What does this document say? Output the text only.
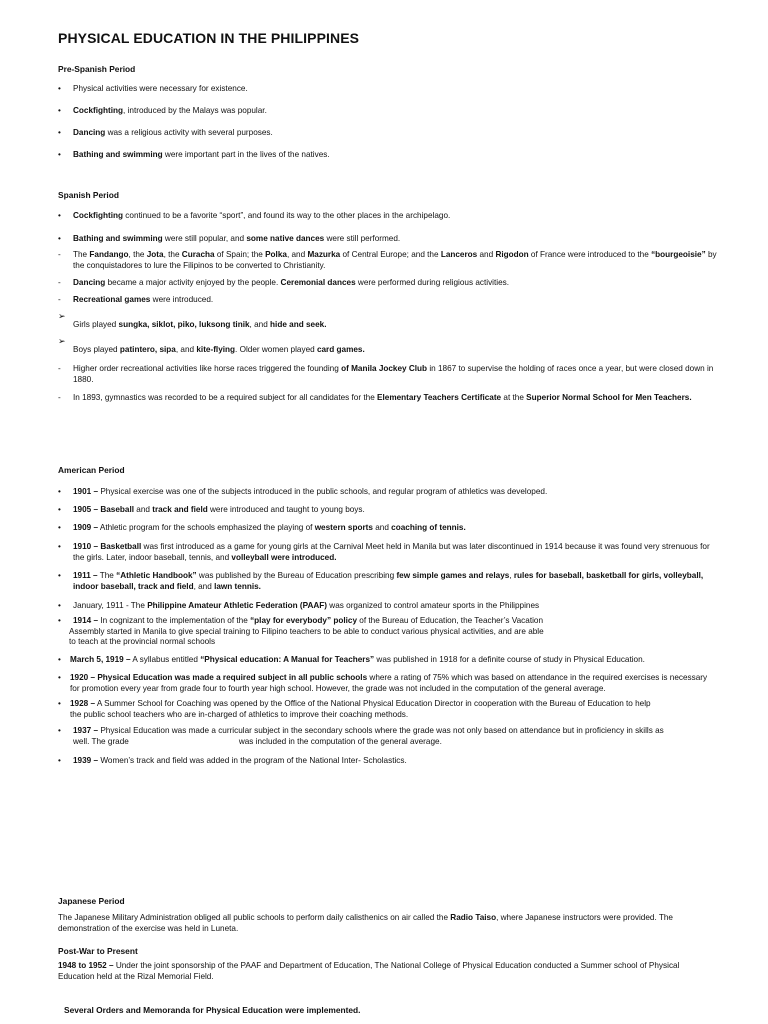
PHYSICAL EDUCATION IN THE PHILIPPINES
Pre-Spanish Period
•	Physical activities were necessary for existence.
•	Cockfighting, introduced by the Malays was popular.
•	Dancing was a religious activity with several purposes.
•	Bathing and swimming were important part in the lives of the natives.
Spanish Period
•	Cockfighting continued to be a favorite “sport”, and found its way to the other places in the archipelago.
•	Bathing and swimming were still popular, and some native dances were still performed.
-	The Fandango, the Jota, the Curacha of Spain; the Polka, and Mazurka of Central Europe; and the Lanceros and Rigodon of France were introduced to the “bourgeoisie” by the conquistadores to lure the Filipinos to be converted to Christianity.
-	Dancing became a major activity enjoyed by the people. Ceremonial dances were performed during religious activities.
-	Recreational games were introduced.
➢
Girls played sungka, siklot, piko, luksong tinik, and hide and seek.
➢
Boys played patintero, sipa, and kite-flying. Older women played card games.
-	Higher order recreational activities like horse races triggered the founding of Manila Jockey Club in 1867 to supervise the holding of races once a year, but were closed down in 1880.
-	In 1893, gymnastics was recorded to be a required subject for all candidates for the Elementary Teachers Certificate at the Superior Normal School for Men Teachers.
American Period
•	1901 – Physical exercise was one of the subjects introduced in the public schools, and regular program of athletics was developed.
•	1905 – Baseball and track and field were introduced and taught to young boys.
•	1909 – Athletic program for the schools emphasized the playing of western sports and coaching of tennis.
•	1910 – Basketball was first introduced as a game for young girls at the Carnival Meet held in Manila but was later discontinued in 1914 because it was found very strenuous for the girls. Later, indoor baseball, tennis, and volleyball were introduced.
•	1911 – The “Athletic Handbook” was published by the Bureau of Education prescribing few simple games and relays, rules for baseball, basketball for girls, volleyball, indoor baseball, track and field, and lawn tennis.
•	January, 1911 - The Philippine Amateur Athletic Federation (PAAF) was organized to control amateur sports in the Philippines
•	1914 – In cognizant to the implementation of the “play for everybody” policy of the Bureau of Education, the Teacher’s Vacation
Assembly started in Manila to give special training to Filipino teachers to be able to conduct various physical activities, and are able
to teach at the provincial normal schools
•	March 5, 1919 – A syllabus entitled “Physical education: A Manual for Teachers” was published in 1918 for a definite course of study in Physical Education.
•	1920 – Physical Education was made a required subject in all public schools where a rating of 75% which was based on attendance in the required exercises is necessary for promotion every year from grade four to fourth year high school. However, the grade was not included in the computation of the general average.
•	1928 – A Summer School for Coaching was opened by the Office of the National Physical Education Director in cooperation with the Bureau of Education to help
the public school teachers who are in-charged of athletics to improve their coaching methods.
•	1937 – Physical Education was made a curricular subject in the secondary schools where the grade was not only based on attendance but in proficiency in skills as
well. The grade	was included in the computation of the general average.
•	1939 – Women’s track and field was added in the program of the National Inter- Scholastics.
Japanese Period
The Japanese Military Administration obliged all public schools to perform daily calisthenics on air called the Radio Taiso, where Japanese instructors were provided. The demonstration of the exercise was held in Luneta.
Post-War to Present
1948 to 1952 – Under the joint sponsorship of the PAAF and Department of Education, The National College of Physical Education conducted a Summer school of Physical Education held at the Rizal Memorial Field.
Several Orders and Memoranda for Physical Education were implemented.
